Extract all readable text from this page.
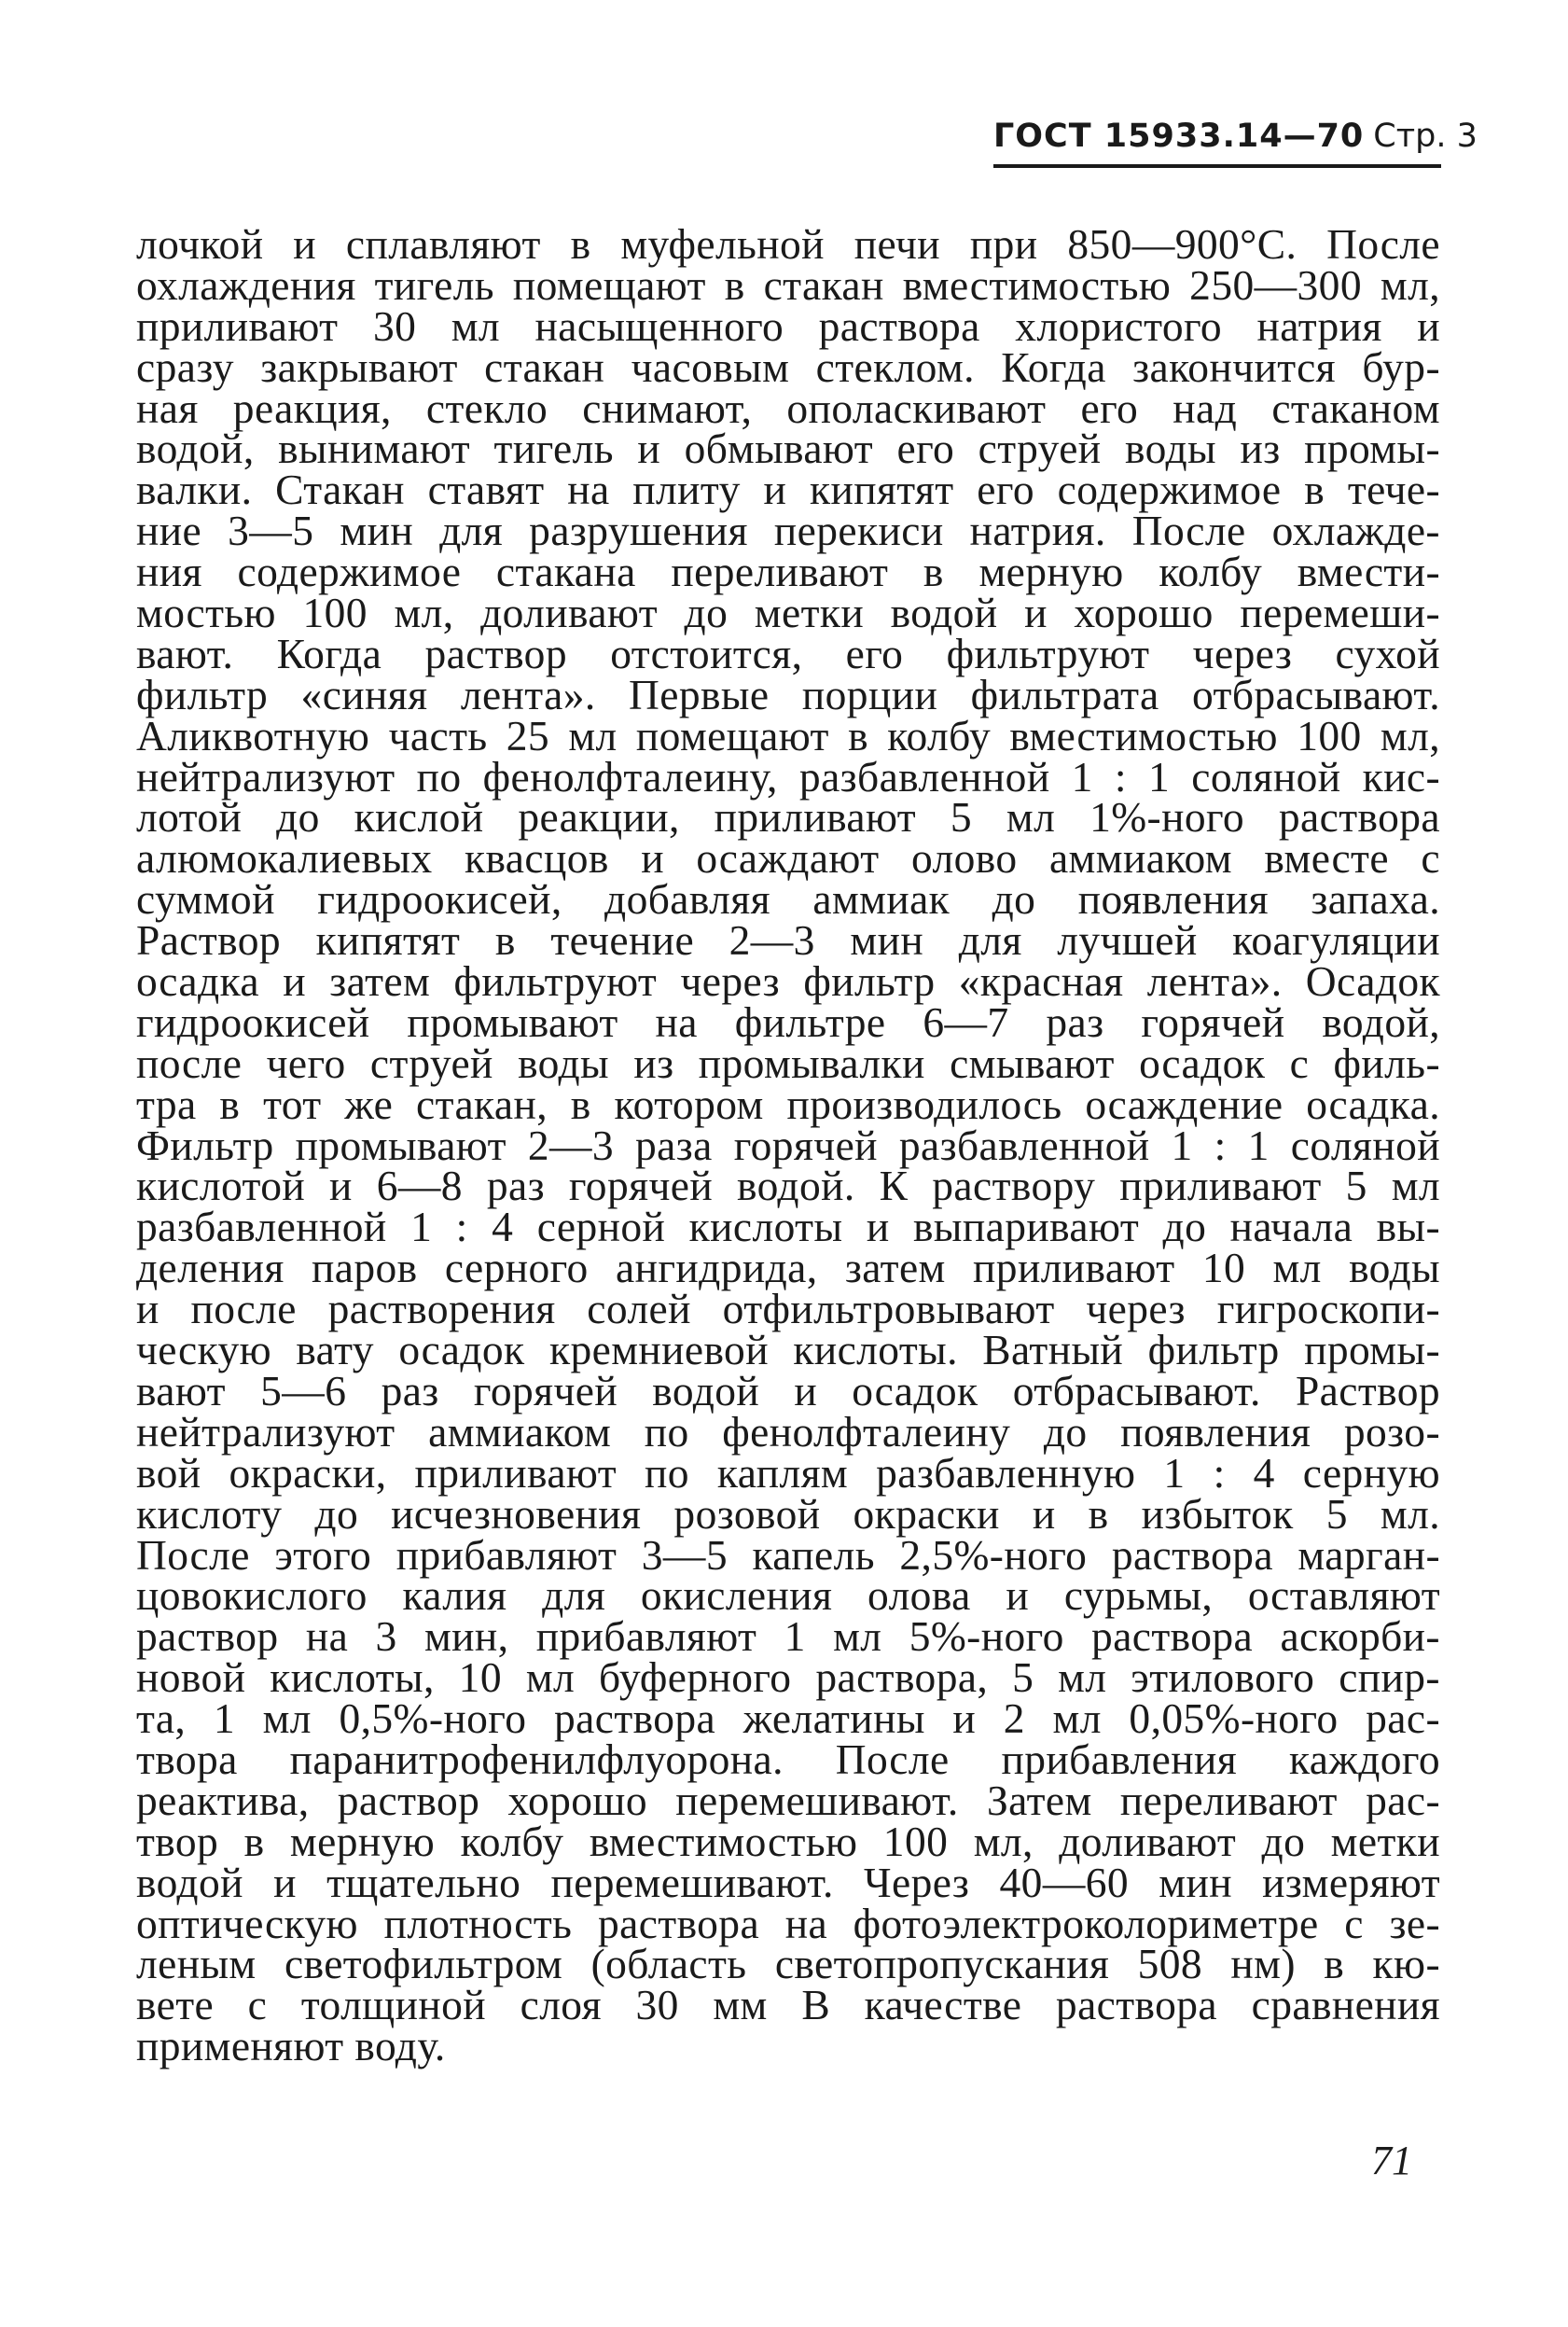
ГОСТ 15933.14—70 Стр. 3
лочкой и сплавляют в муфельной печи при 850—900°С. После
охлаждения тигель помещают в стакан вместимостью 250—300 мл,
приливают 30 мл насыщенного раствора хлористого натрия и
сразу закрывают стакан часовым стеклом. Когда закончится бур-
ная реакция, стекло снимают, ополаскивают его над стаканом
водой, вынимают тигель и обмывают его струей воды из промы-
валки. Стакан ставят на плиту и кипятят его содержимое в тече-
ние 3—5 мин для разрушения перекиси натрия. После охлажде-
ния содержимое стакана переливают в мерную колбу вмести-
мостью 100 мл, доливают до метки водой и хорошо перемеши-
вают. Когда раствор отстоится, его фильтруют через сухой
фильтр «синяя лента». Первые порции фильтрата отбрасывают.
Аликвотную часть 25 мл помещают в колбу вместимостью 100 мл,
нейтрализуют по фенолфталеину, разбавленной 1 : 1 соляной кис-
лотой до кислой реакции, приливают 5 мл 1%-ного раствора
алюмокалиевых квасцов и осаждают олово аммиаком вместе с
суммой гидроокисей, добавляя аммиак до появления запаха.
Раствор кипятят в течение 2—3 мин для лучшей коагуляции
осадка и затем фильтруют через фильтр «красная лента». Осадок
гидроокисей промывают на фильтре 6—7 раз горячей водой,
после чего струей воды из промывалки смывают осадок с филь-
тра в тот же стакан, в котором производилось осаждение осадка.
Фильтр промывают 2—3 раза горячей разбавленной 1 : 1 соляной
кислотой и 6—8 раз горячей водой. К раствору приливают 5 мл
разбавленной 1 : 4 серной кислоты и выпаривают до начала вы-
деления паров серного ангидрида, затем приливают 10 мл воды
и после растворения солей отфильтровывают через гигроскопи-
ческую вату осадок кремниевой кислоты. Ватный фильтр промы-
вают 5—6 раз горячей водой и осадок отбрасывают. Раствор
нейтрализуют аммиаком по фенолфталеину до появления розо-
вой окраски, приливают по каплям разбавленную 1 : 4 серную
кислоту до исчезновения розовой окраски и в избыток 5 мл.
После этого прибавляют 3—5 капель 2,5%-ного раствора марган-
цовокислого калия для окисления олова и сурьмы, оставляют
раствор на 3 мин, прибавляют 1 мл 5%-ного раствора аскорби-
новой кислоты, 10 мл буферного раствора, 5 мл этилового спир-
та, 1 мл 0,5%-ного раствора желатины и 2 мл 0,05%-ного рас-
твора паранитрофенилфлуорона. После прибавления каждого
реактива, раствор хорошо перемешивают. Затем переливают рас-
твор в мерную колбу вместимостью 100 мл, доливают до метки
водой и тщательно перемешивают. Через 40—60 мин измеряют
оптическую плотность раствора на фотоэлектроколориметре с зе-
леным светофильтром (область светопропускания 508 нм) в кю-
вете с толщиной слоя 30 мм В качестве раствора сравнения
применяют воду.
71
